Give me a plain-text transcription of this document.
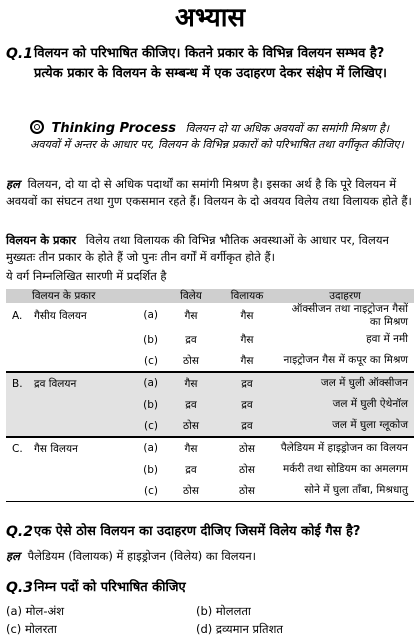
अभ्यास
Q.1 विलयन को परिभाषित कीजिए। कितने प्रकार के विभिन्न विलयन सम्भव है? प्रत्येक प्रकार के विलयन के सम्बन्ध में एक उदाहरण देकर संक्षेप में लिखिए।
Thinking Process विलयन दो या अधिक अवयवों का समांगी मिश्रण है। अवयवों में अन्तर के आधार पर, विलयन के विभिन्न प्रकारों को परिभाषित तथा वर्गीकृत कीजिए।
हल विलयन, दो या दो से अधिक पदार्थों का समांगी मिश्रण है। इसका अर्थ है कि पूरे विलयन में अवयवों का संघटन तथा गुण एकसमान रहते हैं। विलयन के दो अवयव विलेय तथा विलायक होते हैं।
विलयन के प्रकार विलेय तथा विलायक की विभिन्न भौतिक अवस्थाओं के आधार पर, विलयन मुख्यतः तीन प्रकार के होते हैं जो पुनः तीन वर्गों में वर्गीकृत होते हैं।
ये वर्ग निम्नलिखित सारणी में प्रदर्शित है
विलयन के प्रकार	विलेय	विलायक	उदाहरण
A. गैसीय विलयन (a)	गैस	गैस	ऑक्सीजन तथा नाइट्रोजन गैसों का मिश्रण

(b)	द्रव	गैस	हवा में नमी

(c)	ठोस	गैस	नाइट्रोजन गैस में कपूर का मिश्रण
B. द्रव विलयन (a)	गैस	द्रव	जल में घुली ऑक्सीजन

(b)	द्रव	द्रव	जल में घुली ऐथेनॉल

(c)	ठोस	द्रव	जल में घुला ग्लूकोज
C. गैस विलयन (a)	गैस	ठोस	पैलेडियम में हाइड्रोजन का विलयन

(b)	द्रव	ठोस	मर्करी तथा सोडियम का अमलगम

(c)	ठोस	ठोस	सोने में घुला ताँबा, मिश्रधातु
Q.2 एक ऐसे ठोस विलयन का उदाहरण दीजिए जिसमें विलेय कोई गैस है?
हल पैलेडियम (विलायक) में हाइड्रोजन (विलेय) का विलयन।
Q.3 निम्न पदों को परिभाषित कीजिए
(a) मोल-अंश	(b) मोललता
(c) मोलरता	(d) द्रव्यमान प्रतिशत
